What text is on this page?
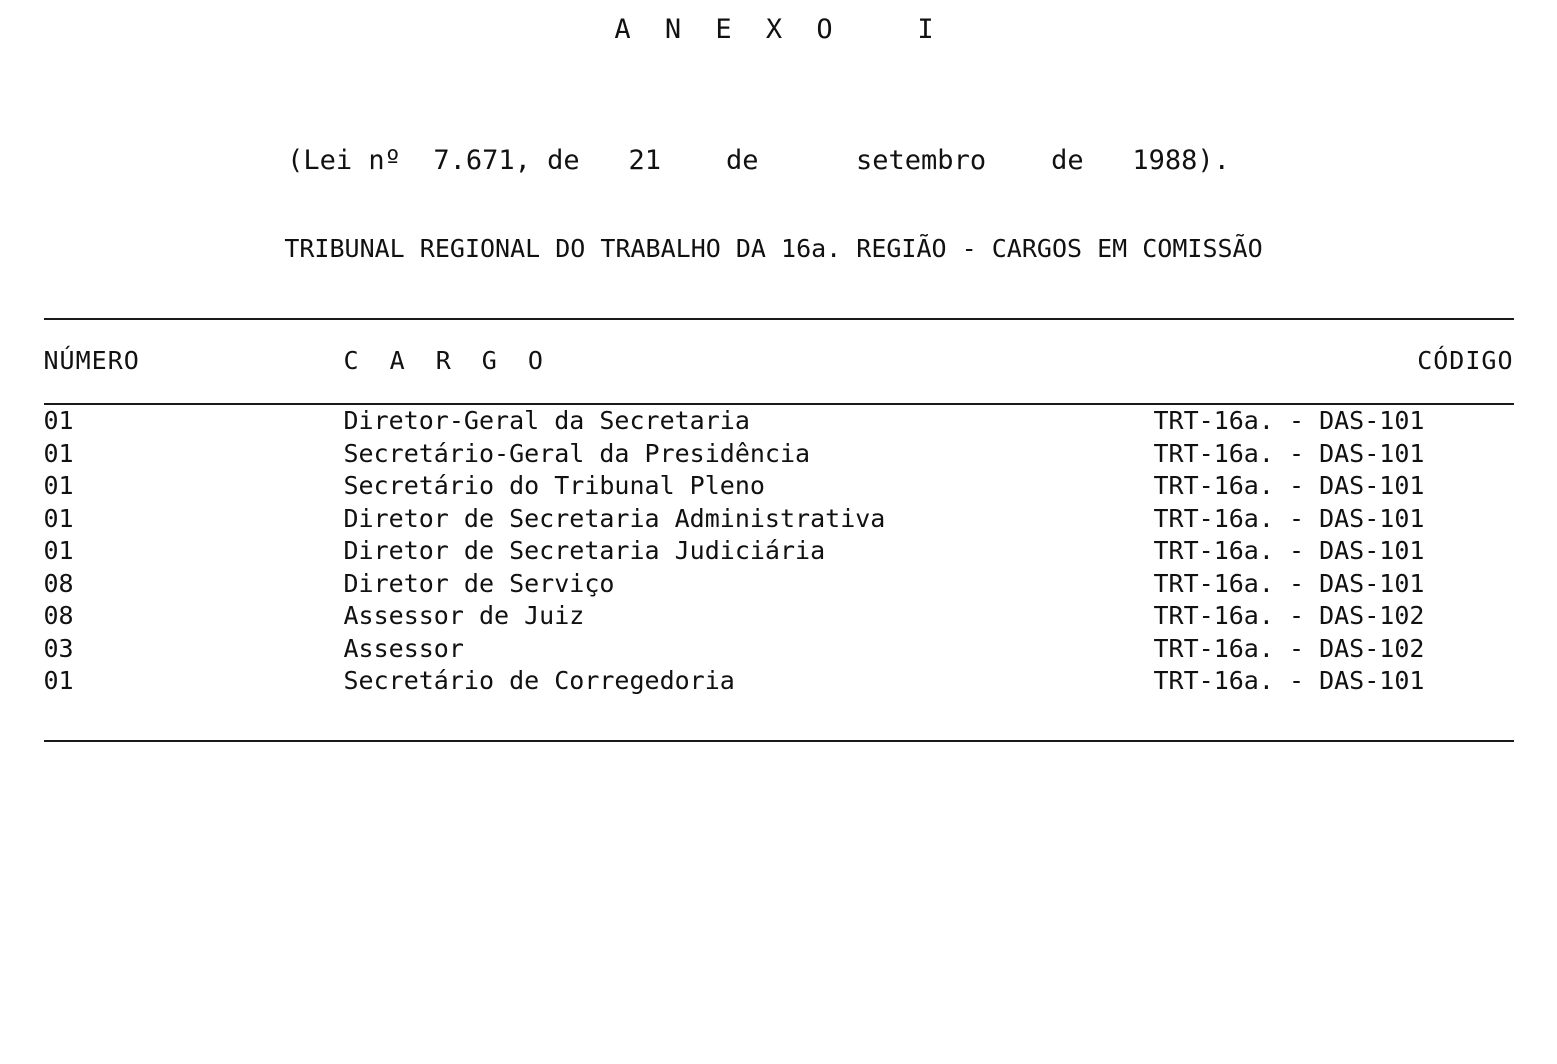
A N E X O   I
(Lei nº  7.671, de   21    de      setembro    de   1988).
TRIBUNAL REGIONAL DO TRABALHO DA 16a. REGIÃO - CARGOS EM COMISSÃO
NÚMERO	C A R G O	CÓDIGO
01	Diretor-Geral da Secretaria	TRT-16a. - DAS-101
01	Secretário-Geral da Presidência	TRT-16a. - DAS-101
01	Secretário do Tribunal Pleno	TRT-16a. - DAS-101
01	Diretor de Secretaria Administrativa	TRT-16a. - DAS-101
01	Diretor de Secretaria Judiciária	TRT-16a. - DAS-101
08	Diretor de Serviço	TRT-16a. - DAS-101
08	Assessor de Juiz	TRT-16a. - DAS-102
03	Assessor	TRT-16a. - DAS-102
01	Secretário de Corregedoria	TRT-16a. - DAS-101
